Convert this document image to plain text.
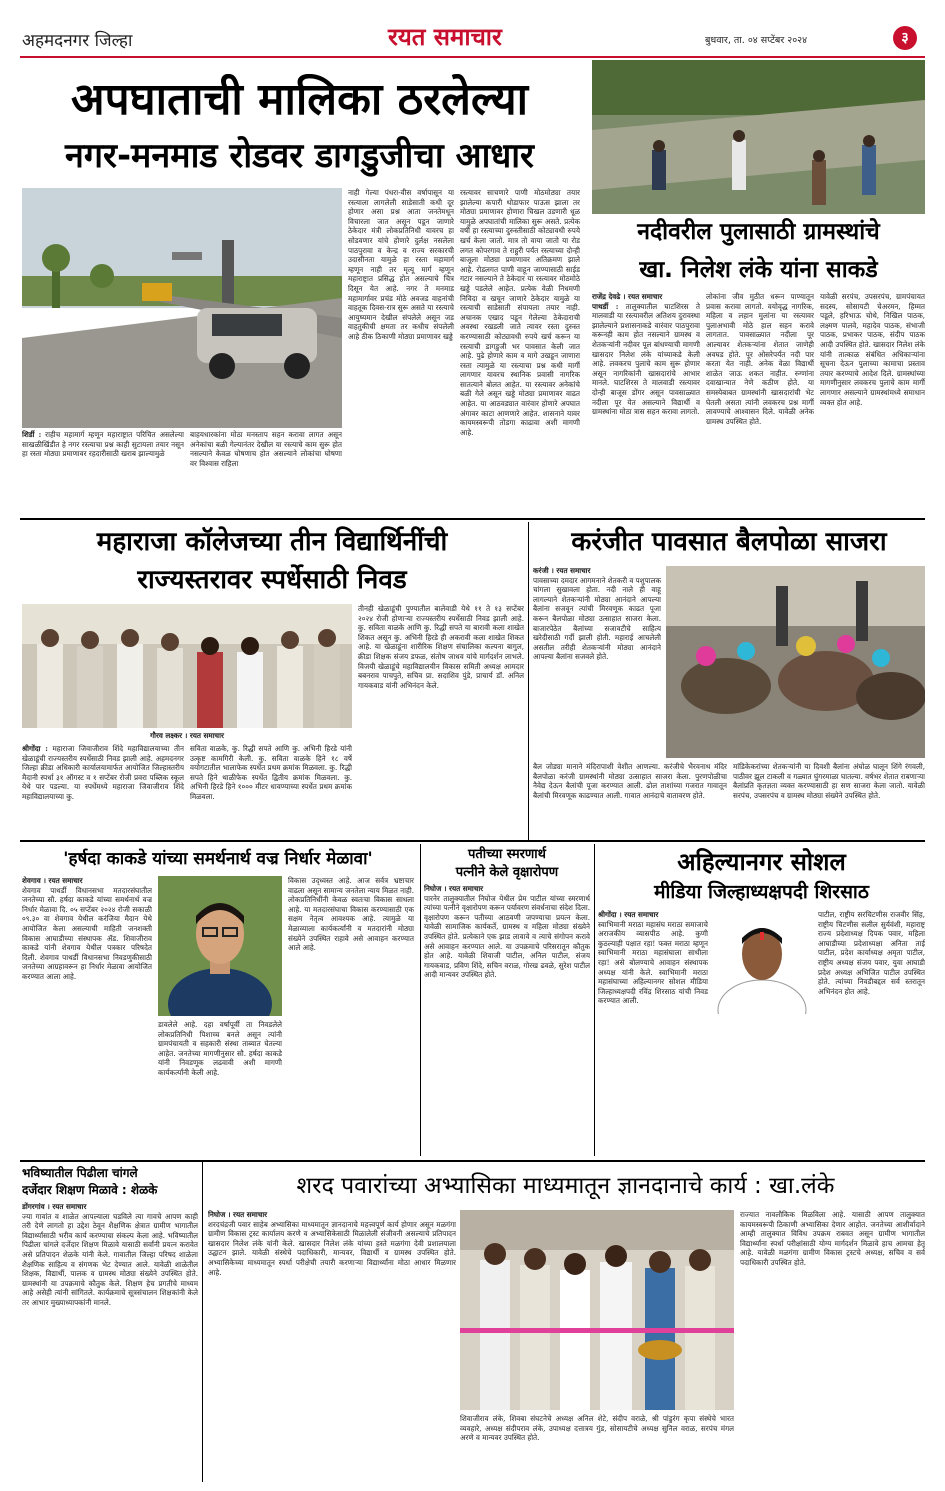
अहमदनगर जिल्हा	रयत समाचार	बुधवार, ता. ०४ सप्टेंबर २०२४	३
अपघाताची मालिका ठरलेल्या
नगर-मनमाड रोडवर डागडुजीचा आधार
शिर्डी : राहीच महामार्ग म्हणून महाराष्ट्रात परिचित असलेल्या साखळीखिंडीत हे नगर रस्त्याचा प्रश्न काही सुटायला तयार नसून हा रस्ता मोठ्या प्रमाणावर रहदारीसाठी खराब झाल्यामुळे
बाहयधारकांना मोठा मनस्ताप सहन करावा लागत असून अनेकांचा बळी गेल्यानंतर देखील या रस्त्याचे काम सुरू होत नसल्याने केवळ घोषणाच होत असल्याने लोकांचा घोषणा वर विश्वास राहिला
नाही गेल्या पंधरा-वीस वर्षापासून या रस्त्याला लागलेली साडेसाती कधी दूर होणार असा प्रश्न आता जनतेमधून विचारला जात असून पडून जाणारे ठेकेदार मंत्री लोकप्रतिनिधी यावरच हा सोडवणार यांचे होणारे दुर्लक्ष नसलेला पाठपुरावा व केन्द्र व राज्य सरकारची उदासीनता यामुळे हा रस्ता महामार्ग म्हणून नाही तर मृत्यू मार्ग म्हणून महाराष्ट्रात प्रसिद्ध होत असल्याचे चित्र दिसून येत आहे. नगर ते मनमाड महामार्गावर प्रचंड मोठे अवजड वाहनांची वाहतूक दिवस-रात्र सुरू असते या रस्त्याचे आयुष्यमान देखील संपलेले असून जड वाहतुकीची क्षमता तर कधीच संपलेली आहे ठीक ठिकाणी मोठ्या प्रमाणावर खड्डे
रस्त्यावर साचणारे पाणी मोठमोठ्या तयार झालेल्या कपारी थोडाफार पाऊस झाला तर मोठ्या प्रमाणावर होणारा चिखल उडणारी धूळ यामुळे अपघातांची मालिका सुरू असते. प्रत्येक वर्षी हा रस्त्याच्या दुरुस्तीसाठी कोट्यावधी रुपये खर्च केला जातो. मात्र तो वाया जातो या रोड लगत कोपरगाव ते राहुरी पर्यंत रस्त्याच्या दोन्ही बाजूला मोठ्या प्रमाणावर अतिक्रमण झाले आहे. रोडलगत पाणी वाहून जाण्यासाठी साईड गटार नसल्याने ते ठेकेदार या रस्त्यावर मोठमोठे खड्डे पडलेले आहेत. प्रत्येक वेळी निधमणी निविदा व खचून जाणारे ठेकेदार यामुळे या रस्त्याची साडेसाती संपायला तयार नाही. अचानक एखाद पडून गेलेल्या ठेकेदाराची अवस्था रखडली जाते त्यावर रस्ता दुरुस्त करण्यासाठी कोट्यावधी रुपये खर्च करून या रस्त्याची डागडुजी भर पावसात केली जात आहे. पुढे होणारे काम व मागे उखडून जाणारा रस्ता त्यामुळे या रस्त्याचा प्रश्न कधी मार्गी लागणार यावरच स्थानिक प्रवासी नागरिक सातत्याने बोलत आहेत. या रस्त्यावर अनेकांचे बळी गेले असून खड्डे मोठ्या प्रमाणावर वाढत आहेत. या आठवड्यात वारंवार होणारे अपघात अंगावर काटा आणणारे आहेत. शासनाने यावर कायमस्वरूपी तोडगा काढावा अशी मागणी आहे.
नदीवरील पुलासाठी ग्रामस्थांचे
खा. निलेश लंके यांना साकडे
राजेंद्र देवढे । रयत समाचार
पाथर्डी : तालुक्यातील घाटशिरस ते मालवाडी या रस्त्यावरील अतिशय दुरावस्था झालेल्याने प्रशासनाकडे वारंवार पाठपुरावा करूनही काम होत नसल्याने ग्रामस्थ व शेतकऱ्यांनी नदीवर पूल बांधण्याची मागणी खासदार निलेश लंके यांच्याकडे केली आहे. लवकरच पुलाचे काम सुरू होणार असून नागरिकांनी खासदारांचे आभार मानले. घाटशिरस ते मालवाडी रस्त्यावर दोन्ही बाजूस डोंगर असून पावसाळ्यात नदीला पूर येत असल्याने विद्यार्थी व ग्रामस्थांना मोठा त्रास सहन करावा लागतो.
लोकांना जीव मुठीत धरून पाण्यातून प्रवास करावा लागतो. वयोवृद्ध नागरिक, महिला व लहान मुलांना या रस्त्यावर पुलाअभावी मोठे हाल सहन करावे लागतात. पावसाळ्यात नदीला पूर आल्यावर शेतकऱ्यांना शेतात जाणेही अवघड होते. पूर ओसरेपर्यंत नदी पार करता येत नाही. अनेक वेळा विद्यार्थी शाळेत जाऊ शकत नाहीत. रुग्णांना दवाखान्यात नेणे कठीण होते. या समस्येबाबत ग्रामस्थांनी खासदारांची भेट घेतली असता त्यांनी लवकरच प्रश्न मार्गी लावण्याचे आश्वासन दिले. यावेळी अनेक ग्रामस्थ उपस्थित होते.
यावेळी सरपंच, उपसरपंच, ग्रामपंचायत सदस्य, सोसायटी चेअरमन, हिम्मत पडूले, हरिभाऊ चोथे, निखिल पाठक, लक्ष्मण पालवे, महादेव पाठक, संभाजी पाठक, प्रभाकर पाठक, संदीप पाठक आदी उपस्थित होते. खासदार निलेश लंके यांनी तात्काळ संबंधित अधिकाऱ्यांना सूचना देऊन पुलाच्या कामाचा प्रस्ताव तयार करण्याचे आदेश दिले. ग्रामस्थांच्या मागणीनुसार लवकरच पुलाचे काम मार्गी लागणार असल्याने ग्रामस्थांमध्ये समाधान व्यक्त होत आहे.
महाराजा कॉलेजच्या तीन विद्यार्थिनींची
राज्यस्तरावर स्पर्धेसाठी निवड
गौरव लक्ष्कर । रयत समाचार
श्रीगोंदा : महाराजा जिवाजीराव शिंदे महाविद्यालयाच्या तीन खेळाडूंची राज्यस्तरीय स्पर्धेसाठी निवड झाली आहे. अहमदनगर जिल्हा क्रीडा अधिकारी कार्यालयामार्फत आयोजित जिल्हास्तरीय मैदानी स्पर्धा ३१ ऑगस्ट व १ सप्टेंबर रोजी प्रवरा पब्लिक स्कूल येथे पार पडल्या. या स्पर्धेमध्ये महाराजा जिवाजीराव शिंदे महाविद्यालयाच्या कु.
सविता वाळके, कु. रिद्धी सपते आणि कु. अभिनी हिरडे यांनी उत्कृष्ट कामगिरी केली. कु. सविता वाळके हिने १८ वर्षे वयोगटातील भालाफेक स्पर्धेत प्रथम क्रमांक मिळवला. कु. रिद्धी सपते हिने थाळीफेक स्पर्धेत द्वितीय क्रमांक मिळवला. कु. अभिनी हिरडे हिने १००० मीटर धावण्याच्या स्पर्धेत प्रथम क्रमांक मिळवला.
तीनही खेळाडूंची पुण्यातील बालेवाडी येथे ११ ते १३ सप्टेंबर २०२४ रोजी होणाऱ्या राज्यस्तरीय स्पर्धेसाठी निवड झाली आहे. कु. सविता वाळके आणि कु. रिद्धी सपते या बारावी कला शाखेत शिकत असून कु. अभिनी हिरडे ही अकरावी कला शाखेत शिकत आहे. या खेळाडूंना शारीरिक शिक्षण संचालिका कल्पना बागुल, क्रीडा शिक्षक संजय डफळ, संतोष जाधव यांचे मार्गदर्शन लाभले. विजयी खेळाडूंचे महाविद्यालयीन विकास समिती अध्यक्ष आमदार बबनराव पाचपुते, सचिव प्रा. सदाशिव पुंडे, प्राचार्य डॉ. अनिल गायकवाड यांनी अभिनंदन केले.
करंजीत पावसात बैलपोळा साजरा
करंजी । रयत समाचार
पावसाच्या दमदार आगमनाने शेतकरी व पशुपालक चांगला सुखावला होता. नदी नाले ही वाहू लागल्याने शेतकऱ्यांनी मोठ्या आनंदाने आपल्या बैलांना सजवून त्यांची मिरवणूक काढत पूजा करून बैलपोळा मोठ्या उत्साहात साजरा केला. बाजारपेठेत बैलांच्या सजावटीचे साहित्य खरेदीसाठी गर्दी झाली होती. महाराई आचलेली असतील तरीही शेतकऱ्यांनी मोठ्या आनंदाने आपल्या बैलांना सजवले होते.
बैल जोड्या मानाने मंदिरापाशी वेशीत आणल्या. करंजीचे भैरवनाथ मंदिर बैलपोळा करंजी ग्रामस्थांनी मोठ्या उत्साहात साजरा केला. पुरणपोळीचा नैवेद्य देऊन बैलांची पूजा करण्यात आली. ढोल ताशांच्या गजरात गावातून बैलांची मिरवणूक काढण्यात आली. गावात आनंदाचे वातावरण होते.
मांडिकेकरांच्या शेतकऱ्यांनी या दिवशी बैलांना अंघोळ घालून शिंगे रंगवली, पाठीवर झूल टाकली व गळ्यात घुंगरमाळा घातल्या. वर्षभर शेतात राबणाऱ्या बैलांप्रति कृतज्ञता व्यक्त करण्यासाठी हा सण साजरा केला जातो. यावेळी सरपंच, उपसरपंच व ग्रामस्थ मोठ्या संख्येने उपस्थित होते.
'हर्षदा काकडे यांच्या समर्थनार्थ वज्र निर्धार मेळावा'
शेवगाव । रयत समाचार
शेवगाव पाथर्डी विधानसभा मतदारसंघातील जनतेच्या सौ. हर्षदा काकडे यांच्या समर्थनार्थ वज्र निर्धार मेळावा दि. ०५ सप्टेंबर २०२४ रोजी सकाळी ०९.३० वा शेवगाव येथील करंजिया मैदान येथे आयोजित केला असल्याची माहिती जनशक्ती विकास आघाडीच्या संस्थापक ॲड. शिवाजीराव काकडे यांनी शेवगाव येथील पत्रकार परिषदेत दिली. शेवगाव पाथर्डी विधानसभा निवडणुकीसाठी जनतेच्या आग्रहावरून हा निर्धार मेळावा आयोजित करण्यात आला आहे.
डावलेले आहे. दहा वर्षापूर्वी ता निवडलेले लोकप्रतिनिधी पिशाच्च बनले असून त्यांनी ग्रामपंचायती व सहकारी संस्था ताब्यात घेतल्या आहेत. जनतेच्या मागणीनुसार सौ. हर्षदा काकडे यांनी निवडणूक लढवावी अशी मागणी कार्यकर्त्यांनी केली आहे.
विकास उद्ध्वस्त आहे. आज सर्वत्र भ्रष्टाचार वाढला असून सामान्य जनतेला न्याय मिळत नाही. लोकप्रतिनिधींनी केवळ स्वतःचा विकास साधला आहे. या मतदारसंघाचा विकास करण्यासाठी एक सक्षम नेतृत्व आवश्यक आहे. त्यामुळे या मेळाव्याला कार्यकर्त्यांनी व मतदारांनी मोठ्या संख्येने उपस्थित राहावे असे आवाहन करण्यात आले आहे.
पतीच्या स्मरणार्थ
पत्नीने केले वृक्षारोपण
निघोज । रयत समाचार
पारनेर तालुक्यातील निघोज येथील प्रेम पाटील यांच्या स्मरणार्थ त्यांच्या पत्नीने वृक्षारोपण करून पर्यावरण संवर्धनाचा संदेश दिला. वृक्षारोपण करून पतीच्या आठवणी जपण्याचा प्रयत्न केला. यावेळी सामाजिक कार्यकर्ते, ग्रामस्थ व महिला मोठ्या संख्येने उपस्थित होते. प्रत्येकाने एक झाड लावावे व त्याचे संगोपन करावे असे आवाहन करण्यात आले. या उपक्रमाचे परिसरातून कौतुक होत आहे. यावेळी शिवाजी पाटील, अनिल पाटील, संजय गायकवाड, प्रविण शिंदे, सचिन वराळ, गोरख ढवळे, सुरेश पाटील आदी मान्यवर उपस्थित होते.
अहिल्यानगर सोशल
मीडिया जिल्हाध्यक्षपदी शिरसाठ
श्रीगोंदा । रयत समाचार
स्वाभिमानी मराठा महासंघ मराठा समाजाचे अराजकीय व्यासपीठ आहे. कुणी कुठल्याही पक्षात रहा! फक्त मराठा म्हणून स्वाभिमानी मराठा महासंघाला साथीला रहा! असे बोलण्याचे आवाहन संस्थापक अध्यक्ष यांनी केले. स्वाभिमानी मराठा महासंघाच्या अहिल्यानगर सोशल मीडिया जिल्हाध्यक्षपदी रविंद्र शिरसाठ यांची निवड करण्यात आली.
पाटील, राष्ट्रीय सरचिटणीस राजवीर सिंह, राष्ट्रीय चिटणीस सलील सुर्यवंशी, महाराष्ट्र राज्य प्रदेशाध्यक्ष दिपक पवार, महिला आघाडीच्या प्रदेशाध्यक्षा अनिता ताई पाटील, प्रदेश कार्याध्यक्ष अमृता पाटील, राष्ट्रीय अध्यक्ष संजय पवार, युवा आघाडी प्रदेश अध्यक्ष अभिजित पाटील उपस्थित होते. त्यांच्या निवडीबद्दल सर्व स्तरातून अभिनंदन होत आहे.
भविष्यातील पिढीला चांगले
दर्जेदार शिक्षण मिळावे : शेळके
डोंगरगांव । रयत समाचार
ज्या गावांत व शाळेत आपल्याला घडविले त्या गावचे आपण काही तरी देणे लागतो हा उद्देश ठेवून शैक्षणिक क्षेत्रात ग्रामीण भागातील विद्यार्थ्यांसाठी भरीव कार्य करण्याचा संकल्प केला आहे. भविष्यातील पिढीला चांगले दर्जेदार शिक्षण मिळावे यासाठी सर्वांनी प्रयत्न करावेत असे प्रतिपादन शेळके यांनी केले. गावातील जिल्हा परिषद शाळेला शैक्षणिक साहित्य व संगणक भेट देण्यात आले. यावेळी शाळेतील शिक्षक, विद्यार्थी, पालक व ग्रामस्थ मोठ्या संख्येने उपस्थित होते. ग्रामस्थांनी या उपक्रमाचे कौतुक केले. शिक्षण हेच प्रगतीचे माध्यम आहे असेही त्यांनी सांगितले. कार्यक्रमाचे सूत्रसंचालन शिक्षकांनी केले तर आभार मुख्याध्यापकांनी मानले.
शरद पवारांच्या अभ्यासिका माध्यमातून ज्ञानदानाचे कार्य : खा.लंके
निघोज । रयत समाचार
शरदचंद्रजी पवार साहेब अभ्यासिका माध्यमातून ज्ञानदानाचे महत्त्वपूर्ण कार्य होणार असून मळगंगा ग्रामीण विकास ट्रस्ट कार्यालय करणे व अभ्यासिकेसाठी मिळालेली संजीवनी असल्याचे प्रतिपादन खासदार निलेश लंके यांनी केले. खासदार निलेश लंके यांच्या हस्ते मळगंगा देवी प्रशालयाला उद्घाटन झाले. यावेळी संस्थेचे पदाधिकारी, मान्यवर, विद्यार्थी व ग्रामस्थ उपस्थित होते. अभ्यासिकेच्या माध्यमातून स्पर्धा परीक्षेची तयारी करणाऱ्या विद्यार्थ्यांना मोठा आधार मिळणार आहे.
राज्यात नावलौकिक मिळविला आहे. यासाठी आपण तालुक्यात कायमस्वरूपी ठिकाणी अभ्यासिका देणार आहोत. जनतेच्या आशीर्वादाने आम्ही तालुक्यात विविध उपक्रम राबवत असून ग्रामीण भागातील विद्यार्थ्यांना स्पर्धा परीक्षांसाठी योग्य मार्गदर्शन मिळावे हाच आमचा हेतू आहे. यावेळी मळगंगा ग्रामीण विकास ट्रस्टचे अध्यक्ष, सचिव व सर्व पदाधिकारी उपस्थित होते.
शिवाजीराव लंके, शिवबा संघटनेचे अध्यक्ष अनिल शेटे, संदीप वराळे, श्री पांडुरंग कृपा संस्थेचे भारत व्यवहारे, अध्यक्ष संदीपराव लंके, उपाध्यक्ष दत्तात्रय गुंड, सोसायटीचे अध्यक्ष सुनिल वराळ, सरपंच मंगल अरणे व मान्यवर उपस्थित होते.
